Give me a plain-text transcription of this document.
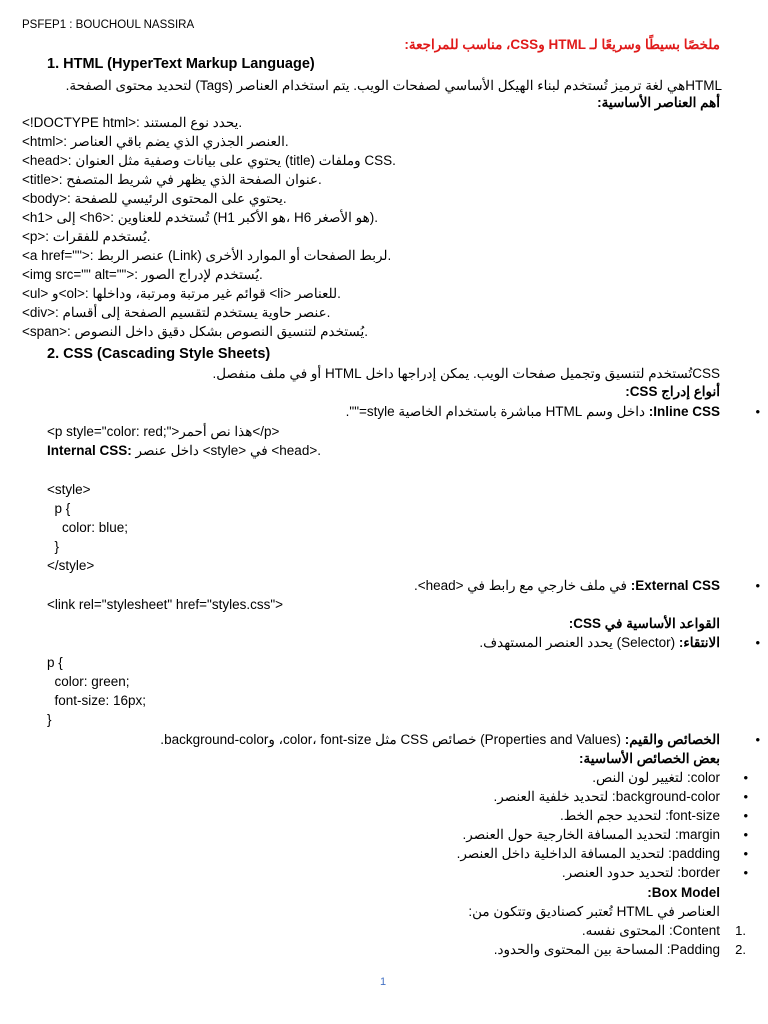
PSFEP1 : BOUCHOUL NASSIRA
ملخصًا بسيطًا وسريعًا لـ HTML وCSS، مناسب للمراجعة:
1. HTML (HyperText Markup Language)
HTMLهي لغة ترميز تُستخدم لبناء الهيكل الأساسي لصفحات الويب. يتم استخدام العناصر (Tags) لتحديد محتوى الصفحة.
أهم العناصر الأساسية:
<!DOCTYPE html>: يحدد نوع المستند.
<html>: العنصر الجذري الذي يضم باقي العناصر.
<head>: يحتوي على بيانات وصفية مثل العنوان (title) وملفات CSS.
<title>: عنوان الصفحة الذي يظهر في شريط المتصفح.
<body>: يحتوي على المحتوى الرئيسي للصفحة.
<h1> إلى <h6>: تُستخدم للعناوين (H1 هو الأكبر، H6 هو الأصغر).
<p>: يُستخدم للفقرات.
<a href="">: عنصر الربط (Link) لربط الصفحات أو الموارد الأخرى.
<img src="" alt="">: يُستخدم لإدراج الصور.
<ul> و<ol>: قوائم غير مرتبة ومرتبة، وداخلها <li> للعناصر.
<div>: عنصر حاوية يستخدم لتقسيم الصفحة إلى أقسام.
<span>: يُستخدم لتنسيق النصوص بشكل دقيق داخل النصوص.
2. CSS (Cascading Style Sheets)
CSSتُستخدم لتنسيق وتجميل صفحات الويب. يمكن إدراجها داخل HTML أو في ملف منفصل.
أنواع إدراج CSS:
•
Inline CSS: داخل وسم HTML مباشرة باستخدام الخاصية style="".
<p style="color: red;">هذا نص أحمر</p>
Internal CSS: داخل عنصر <style> في <head>.
<style>
p {
color: blue;
}
</style>
•
External CSS: في ملف خارجي مع رابط في <head>.
<link rel="stylesheet" href="styles.css">
القواعد الأساسية في CSS:
•
الانتقاء: (Selector) يحدد العنصر المستهدف.
p {
color: green;
font-size: 16px;
}
•
الخصائص والقيم: (Properties and Values) خصائص CSS مثل color، font-size، وbackground-color.
بعض الخصائص الأساسية:
•
color: لتغيير لون النص.
•
background-color: لتحديد خلفية العنصر.
•
font-size: لتحديد حجم الخط.
•
margin: لتحديد المسافة الخارجية حول العنصر.
•
padding: لتحديد المسافة الداخلية داخل العنصر.
•
border: لتحديد حدود العنصر.
Box Model:
العناصر في HTML تُعتبر كصناديق وتتكون من:
1.
Content: المحتوى نفسه.
2.
Padding: المساحة بين المحتوى والحدود.
1
